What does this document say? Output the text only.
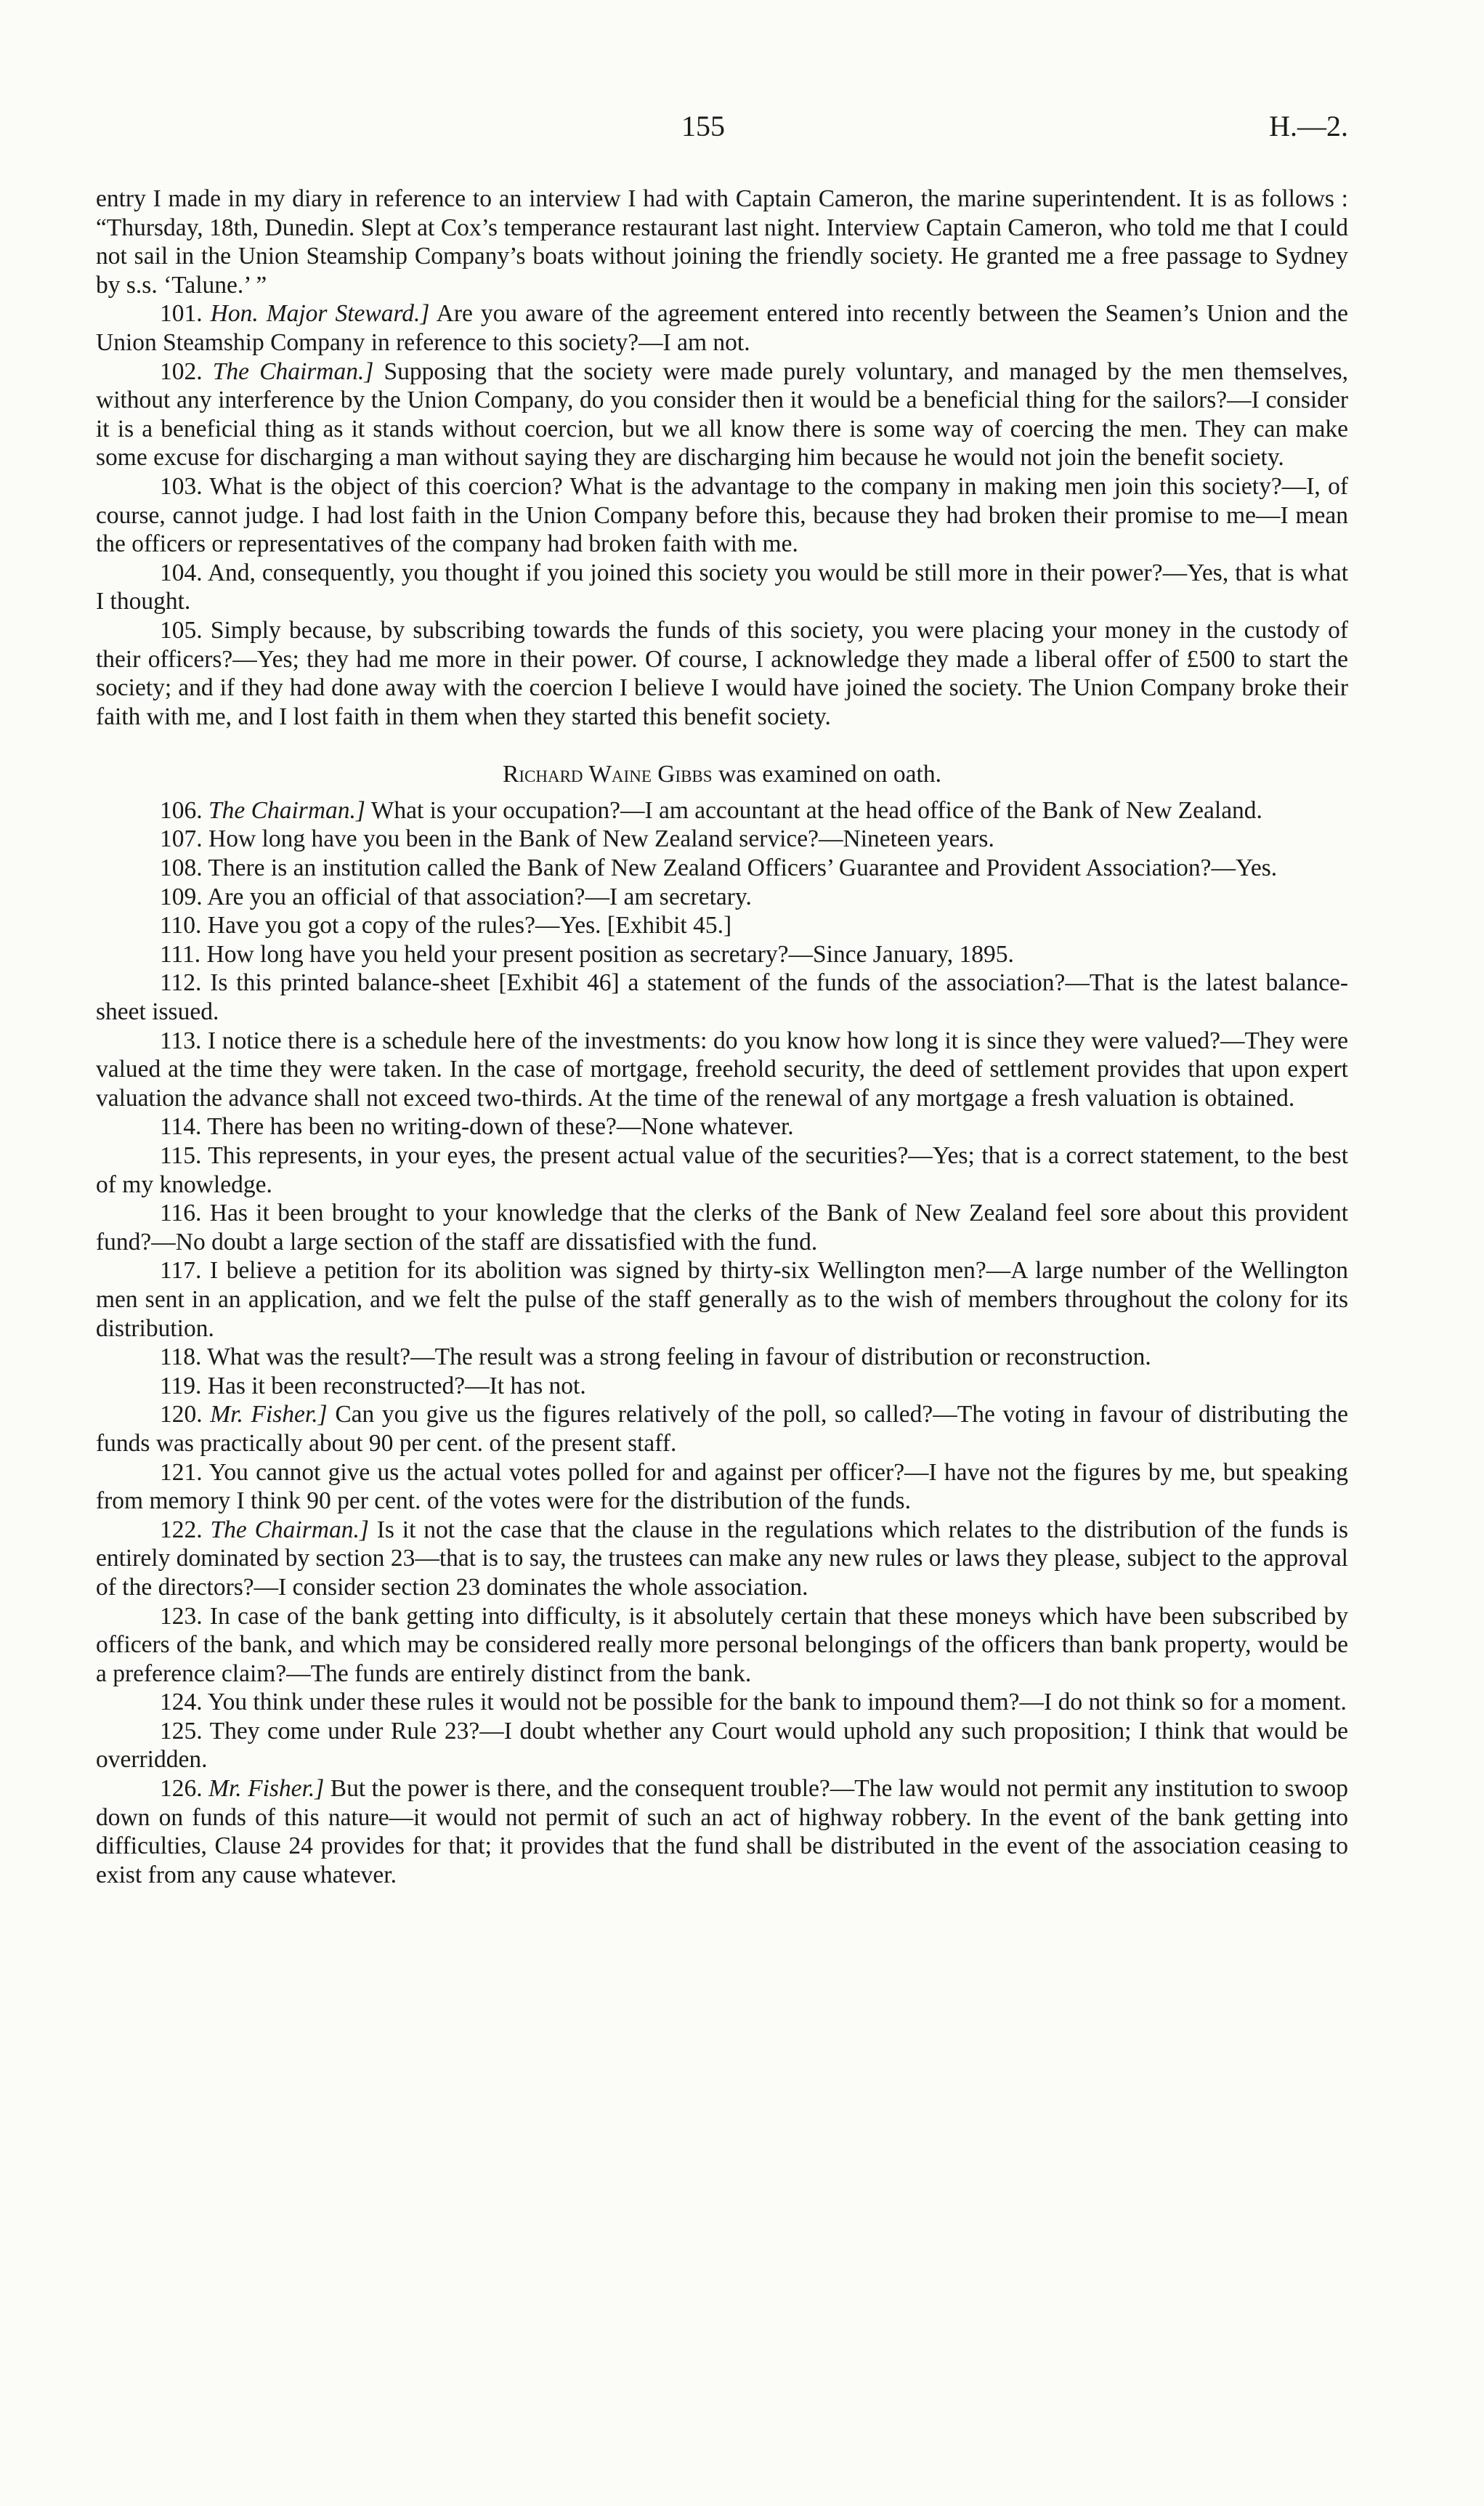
155	H.—2.

entry I made in my diary in reference to an interview I had with Captain Cameron, the marine superintendent. It is as follows : “Thursday, 18th, Dunedin. Slept at Cox’s temperance restaurant last night. Interview Captain Cameron, who told me that I could not sail in the Union Steamship Company’s boats without joining the friendly society. He granted me a free passage to Sydney by s.s. ‘Talune.’ ”

101. Hon. Major Steward.] Are you aware of the agreement entered into recently between the Seamen’s Union and the Union Steamship Company in reference to this society?—I am not.

102. The Chairman.] Supposing that the society were made purely voluntary, and managed by the men themselves, without any interference by the Union Company, do you consider then it would be a beneficial thing for the sailors?—I consider it is a beneficial thing as it stands without coercion, but we all know there is some way of coercing the men. They can make some excuse for discharging a man without saying they are discharging him because he would not join the benefit society.

103. What is the object of this coercion? What is the advantage to the company in making men join this society?—I, of course, cannot judge. I had lost faith in the Union Company before this, because they had broken their promise to me—I mean the officers or representatives of the company had broken faith with me.

104. And, consequently, you thought if you joined this society you would be still more in their power?—Yes, that is what I thought.

105. Simply because, by subscribing towards the funds of this society, you were placing your money in the custody of their officers?—Yes; they had me more in their power. Of course, I acknowledge they made a liberal offer of £500 to start the society; and if they had done away with the coercion I believe I would have joined the society. The Union Company broke their faith with me, and I lost faith in them when they started this benefit society.

Richard Waine Gibbs was examined on oath.

106. The Chairman.] What is your occupation?—I am accountant at the head office of the Bank of New Zealand.

107. How long have you been in the Bank of New Zealand service?—Nineteen years.

108. There is an institution called the Bank of New Zealand Officers’ Guarantee and Provident Association?—Yes.

109. Are you an official of that association?—I am secretary.

110. Have you got a copy of the rules?—Yes. [Exhibit 45.]

111. How long have you held your present position as secretary?—Since January, 1895.

112. Is this printed balance-sheet [Exhibit 46] a statement of the funds of the association?—That is the latest balance-sheet issued.

113. I notice there is a schedule here of the investments: do you know how long it is since they were valued?—They were valued at the time they were taken. In the case of mortgage, freehold security, the deed of settlement provides that upon expert valuation the advance shall not exceed two-thirds. At the time of the renewal of any mortgage a fresh valuation is obtained.

114. There has been no writing-down of these?—None whatever.

115. This represents, in your eyes, the present actual value of the securities?—Yes; that is a correct statement, to the best of my knowledge.

116. Has it been brought to your knowledge that the clerks of the Bank of New Zealand feel sore about this provident fund?—No doubt a large section of the staff are dissatisfied with the fund.

117. I believe a petition for its abolition was signed by thirty-six Wellington men?—A large number of the Wellington men sent in an application, and we felt the pulse of the staff generally as to the wish of members throughout the colony for its distribution.

118. What was the result?—The result was a strong feeling in favour of distribution or reconstruction.

119. Has it been reconstructed?—It has not.

120. Mr. Fisher.] Can you give us the figures relatively of the poll, so called?—The voting in favour of distributing the funds was practically about 90 per cent. of the present staff.

121. You cannot give us the actual votes polled for and against per officer?—I have not the figures by me, but speaking from memory I think 90 per cent. of the votes were for the distribution of the funds.

122. The Chairman.] Is it not the case that the clause in the regulations which relates to the distribution of the funds is entirely dominated by section 23—that is to say, the trustees can make any new rules or laws they please, subject to the approval of the directors?—I consider section 23 dominates the whole association.

123. In case of the bank getting into difficulty, is it absolutely certain that these moneys which have been subscribed by officers of the bank, and which may be considered really more personal belongings of the officers than bank property, would be a preference claim?—The funds are entirely distinct from the bank.

124. You think under these rules it would not be possible for the bank to impound them?—I do not think so for a moment.

125. They come under Rule 23?—I doubt whether any Court would uphold any such proposition; I think that would be overridden.

126. Mr. Fisher.] But the power is there, and the consequent trouble?—The law would not permit any institution to swoop down on funds of this nature—it would not permit of such an act of highway robbery. In the event of the bank getting into difficulties, Clause 24 provides for that; it provides that the fund shall be distributed in the event of the association ceasing to exist from any cause whatever.
